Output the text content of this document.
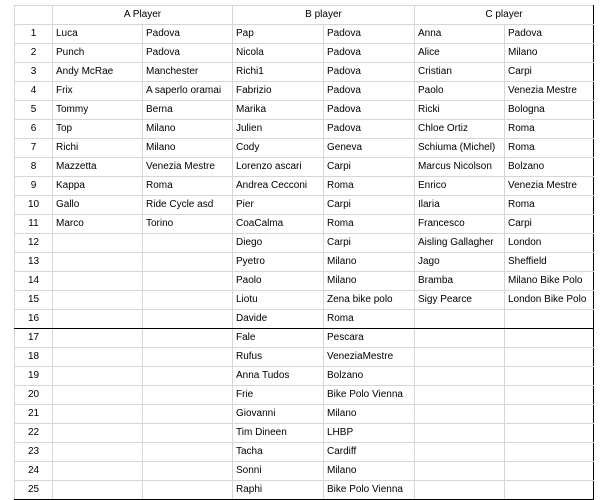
	A Player		B player		C player	
1	Luca	Padova	Pap	Padova	Anna	Padova
2	Punch	Padova	Nicola	Padova	Alice	Milano
3	Andy McRae	Manchester	Richi1	Padova	Cristian	Carpi
4	Frix	A saperlo oramai	Fabrizio	Padova	Paolo	Venezia Mestre
5	Tommy	Berna	Marika	Padova	Ricki	Bologna
6	Top	Milano	Julien	Padova	Chloe Ortiz	Roma
7	Richi	Milano	Cody	Geneva	Schiuma (Michel)	Roma
8	Mazzetta	Venezia Mestre	Lorenzo ascari	Carpi	Marcus Nicolson	Bolzano
9	Kappa	Roma	Andrea Cecconi	Roma	Enrico	Venezia Mestre
10	Gallo	Ride Cycle asd	Pier	Carpi	Ilaria	Roma
11	Marco	Torino	CoaCalma	Roma	Francesco	Carpi
12			Diego	Carpi	Aisling Gallagher	London
13			Pyetro	Milano	Jago	Sheffield
14			Paolo	Milano	Bramba	Milano Bike Polo
15			Liotu	Zena bike polo	Sigy Pearce	London Bike Polo
16			Davide	Roma		
17			Fale	Pescara		
18			Rufus	VeneziaMestre		
19			Anna Tudos	Bolzano		
20			Frie	Bike Polo Vienna		
21			Giovanni	Milano		
22			Tim Dineen	LHBP		
23			Tacha	Cardiff		
24			Sonni	Milano		
25			Raphi	Bike Polo Vienna		
